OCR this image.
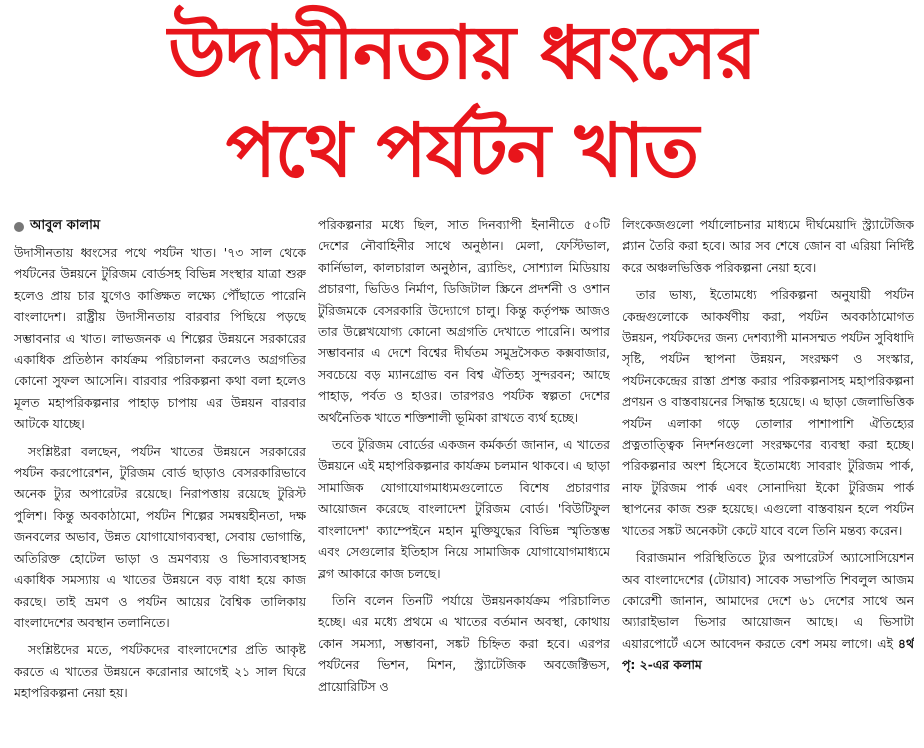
উদাসীনতায় ধ্বংসের
পথে পর্যটন খাত
আবুল কালাম

উদাসীনতায় ধ্বংসের পথে পর্যটন খাত। '৭৩ সাল থেকে পর্যটনের উন্নয়নে টুরিজম বোর্ডসহ বিভিন্ন সংস্থার যাত্রা শুরু হলেও প্রায় চার যুগেও কাঙ্ক্ষিত লক্ষ্যে পৌঁছাতে পারেনি বাংলাদেশ। রাষ্ট্রীয় উদাসীনতায় বারবার পিছিয়ে পড়ছে সম্ভাবনার এ খাত। লাভজনক এ শিল্পের উন্নয়নে সরকারের একাধিক প্রতিষ্ঠান কার্যক্রম পরিচালনা করলেও অগ্রগতির কোনো সুফল আসেনি। বারবার পরিকল্পনা কথা বলা হলেও মূলত মহাপরিকল্পনার পাহাড় চাপায় এর উন্নয়ন বারবার আটকে যাচ্ছে।

সংশ্লিষ্টরা বলছেন, পর্যটন খাতের উন্নয়নে সরকারের পর্যটন করপোরেশন, টুরিজম বোর্ড ছাড়াও বেসরকারিভাবে অনেক ট্যুর অপারেটর রয়েছে। নিরাপত্তায় রয়েছে টুরিস্ট পুলিশ। কিন্তু অবকাঠামো, পর্যটন শিল্পের সমন্বয়হীনতা, দক্ষ জনবলের অভাব, উন্নত যোগাযোগব্যবস্থা, সেবায় ভোগান্তি, অতিরিক্ত হোটেল ভাড়া ও ভ্রমণব্যয় ও ভিসাব্যবস্থাসহ একাধিক সমস্যায় এ খাতের উন্নয়নে বড় বাধা হয়ে কাজ করছে। তাই ভ্রমণ ও পর্যটন আয়ের বৈশ্বিক তালিকায় বাংলাদেশের অবস্থান তলানিতে।

সংশ্লিষ্টদের মতে, পর্যটকদের বাংলাদেশের প্রতি আকৃষ্ট করতে এ খাতের উন্নয়নে করোনার আগেই ২১ সাল ঘিরে মহাপরিকল্পনা নেয়া হয়।

পরিকল্পনার মধ্যে ছিল, সাত দিনব্যাপী ইনানীতে ৫০টি দেশের নৌবাহিনীর সাথে অনুষ্ঠান। মেলা, ফেস্টিভাল, কার্নিভাল, কালচারাল অনুষ্ঠান, ব্র্যান্ডিং, সোশ্যাল মিডিয়ায় প্রচারণা, ভিডিও নির্মাণ, ডিজিটাল স্ক্রিনে প্রদর্শনী ও ওশান টুরিজমকে বেসরকারি উদ্যোগে চালু। কিন্তু কর্তৃপক্ষ আজও তার উল্লেখযোগ্য কোনো অগ্রগতি দেখাতে পারেনি। অপার সম্ভাবনার এ দেশে বিশ্বের দীর্ঘতম সমুদ্রসৈকত কক্সবাজার, সবচেয়ে বড় ম্যানগ্রোভ বন বিশ্ব ঐতিহ্য সুন্দরবন; আছে পাহাড়, পর্বত ও হাওর। তারপরও পর্যটক স্বল্পতা দেশের অর্থনৈতিক খাতে শক্তিশালী ভূমিকা রাখতে ব্যর্থ হচ্ছে।

তবে টুরিজম বোর্ডের একজন কর্মকর্তা জানান, এ খাতের উন্নয়নে এই মহাপরিকল্পনার কার্যক্রম চলমান থাকবে। এ ছাড়া সামাজিক যোগাযোগমাধ্যমগুলোতে বিশেষ প্রচারণার আয়োজন করেছে বাংলাদেশ টুরিজম বোর্ড। 'বিউটিফুল বাংলাদেশ' ক্যাম্পেইনে মহান মুক্তিযুদ্ধের বিভিন্ন স্মৃতিস্তম্ভ এবং সেগুলোর ইতিহাস নিয়ে সামাজিক যোগাযোগমাধ্যমে ব্লগ আকারে কাজ চলছে।

তিনি বলেন তিনটি পর্যায়ে উন্নয়নকার্যক্রম পরিচালিত হচ্ছে। এর মধ্যে প্রথমে এ খাতের বর্তমান অবস্থা, কোথায় কোন সমস্যা, সম্ভাবনা, সঙ্কট চিহ্নিত করা হবে। এরপর পর্যটনের ভিশন, মিশন, স্ট্র্যাটেজিক অবজেক্টিভস, প্রায়োরিটিস ও

লিংকেজগুলো পর্যালোচনার মাধ্যমে দীর্ঘমেয়াদি স্ট্র্যাটেজিক প্ল্যান তৈরি করা হবে। আর সব শেষে জোন বা এরিয়া নির্দিষ্ট করে অঞ্চলভিত্তিক পরিকল্পনা নেয়া হবে।

তার ভাষ্য, ইতোমধ্যে পরিকল্পনা অনুযায়ী পর্যটন কেন্দ্রগুলোকে আকর্ষণীয় করা, পর্যটন অবকাঠামোগত উন্নয়ন, পর্যটকদের জন্য দেশব্যাপী মানসম্মত পর্যটন সুবিধাদি সৃষ্টি, পর্যটন স্থাপনা উন্নয়ন, সংরক্ষণ ও সংস্কার, পর্যটনকেন্দ্রের রাস্তা প্রশস্ত করার পরিকল্পনাসহ মহাপরিকল্পনা প্রণয়ন ও বাস্তবায়নের সিদ্ধান্ত হয়েছে। এ ছাড়া জেলাভিত্তিক পর্যটন এলাকা গড়ে তোলার পাশাপাশি ঐতিহ্যের প্রত্নতাত্ত্বিক নিদর্শনগুলো সংরক্ষণের ব্যবস্থা করা হচ্ছে। পরিকল্পনার অংশ হিসেবে ইতোমধ্যে সাবরাং টুরিজম পার্ক, নাফ টুরিজম পার্ক এবং সোনাদিয়া ইকো টুরিজম পার্ক স্থাপনের কাজ শুরু হয়েছে। এগুলো বাস্তবায়ন হলে পর্যটন খাতের সঙ্কট অনেকটা কেটে যাবে বলে তিনি মন্তব্য করেন।

বিরাজমান পরিস্থিতিতে ট্যুর অপারেটর্স অ্যাসোসিয়েশন অব বাংলাদেশের (টোয়াব) সাবেক সভাপতি শিবলুল আজম কোরেশী জানান, আমাদের দেশে ৬১ দেশের সাথে অন অ্যারাইভাল ভিসার আয়োজন আছে। এ ভিসাটা এয়ারপোর্টে এসে আবেদন করতে বেশ সময় লাগে। এই ৪র্থ পৃ: ২-এর কলাম
